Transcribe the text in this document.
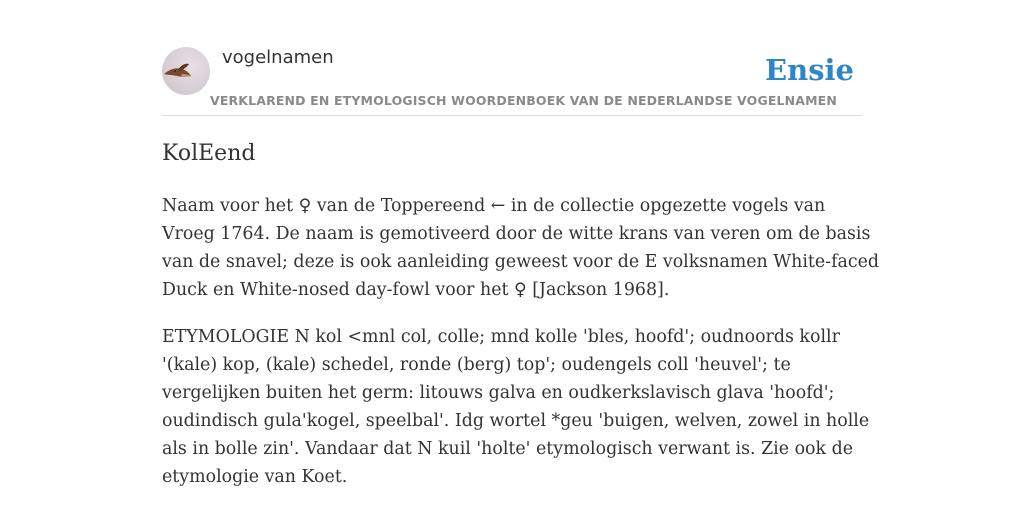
vogelnamen	Ensie
VERKLAREND EN ETYMOLOGISCH WOORDENBOEK VAN DE NEDERLANDSE VOGELNAMEN
KolEend

Naam voor het ♀ van de Toppereend ← in de collectie opgezette vogels van
Vroeg 1764. De naam is gemotiveerd door de witte krans van veren om de basis
van de snavel; deze is ook aanleiding geweest voor de E volksnamen White-faced
Duck en White-nosed day-fowl voor het ♀ [Jackson 1968].

ETYMOLOGIE N kol <mnl col, colle; mnd kolle 'bles, hoofd'; oudnoords kollr
'(kale) kop, (kale) schedel, ronde (berg) top'; oudengels coll 'heuvel'; te
vergelijken buiten het germ: litouws galva en oudkerkslavisch glava 'hoofd';
oudindisch gula'kogel, speelbal'. Idg wortel *geu 'buigen, welven, zowel in holle
als in bolle zin'. Vandaar dat N kuil 'holte' etymologisch verwant is. Zie ook de
etymologie van Koet.
